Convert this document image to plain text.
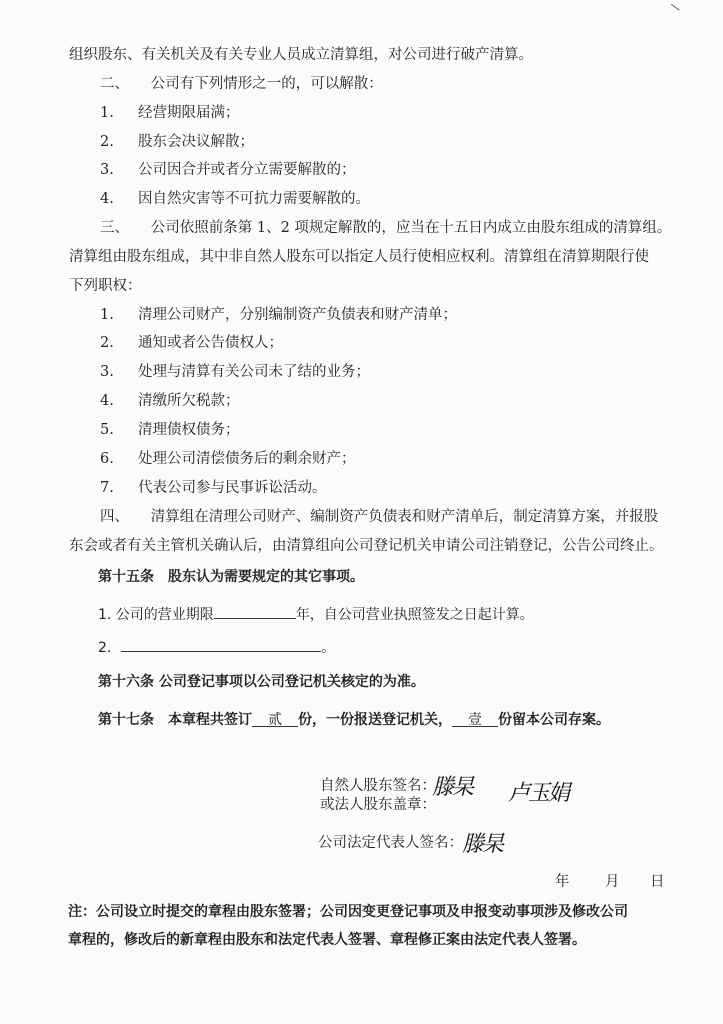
组织股东、有关机关及有关专业人员成立清算组，对公司进行破产清算。
二、　　公司有下列情形之一的，可以解散：
1. 经营期限届满；
2. 股东会决议解散；
3. 公司因合并或者分立需要解散的；
4. 因自然灾害等不可抗力需要解散的。
三、　　公司依照前条第 1、2 项规定解散的，应当在十五日内成立由股东组成的清算组。
清算组由股东组成，其中非自然人股东可以指定人员行使相应权利。清算组在清算期限行使
下列职权：
1. 清理公司财产，分别编制资产负债表和财产清单；
2. 通知或者公告债权人；
3. 处理与清算有关公司未了结的业务；
4. 清缴所欠税款；
5. 清理债权债务；
6. 处理公司清偿债务后的剩余财产；
7. 代表公司参与民事诉讼活动。
四、　　清算组在清理公司财产、编制资产负债表和财产清单后，制定清算方案，并报股
东会或者有关主管机关确认后，由清算组向公司登记机关申请公司注销登记，公告公司终止。
第十五条　股东认为需要规定的其它事项。
1. 公司的营业期限	年，自公司营业执照签发之日起计算。
2.	。
第十六条 公司登记事项以公司登记机关核定的为准。
第十七条　本章程共签订 贰 份，一份报送登记机关， 壹 份留本公司存案。
自然人股东签名：
或法人股东盖章：
滕杲 卢玉娟
公司法定代表人签名： 滕杲
年 月 日
注：公司设立时提交的章程由股东签署；公司因变更登记事项及申报变动事项涉及修改公司
章程的，修改后的新章程由股东和法定代表人签署、章程修正案由法定代表人签署。
